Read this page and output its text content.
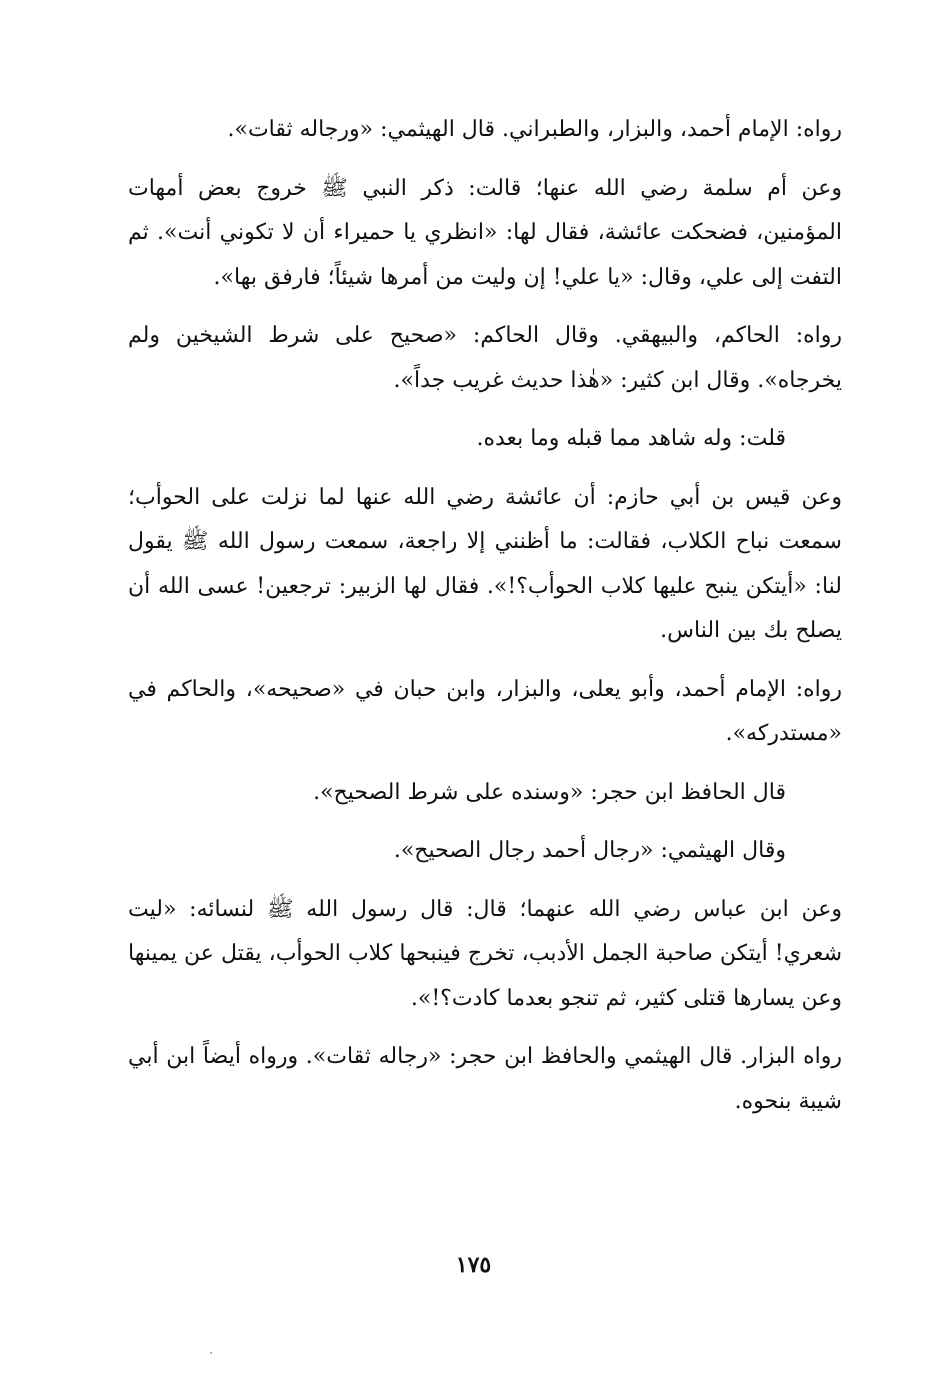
رواه: الإمام أحمد، والبزار، والطبراني. قال الهيثمي: «ورجاله ثقات».

وعن أم سلمة رضي الله عنها؛ قالت: ذكر النبي ﷺ خروج بعض أمهات المؤمنين، فضحكت عائشة، فقال لها: «انظري يا حميراء أن لا تكوني أنت». ثم التفت إلى علي، وقال: «يا علي! إن وليت من أمرها شيئاً؛ فارفق بها».

رواه: الحاكم، والبيهقي. وقال الحاكم: «صحيح على شرط الشيخين ولم يخرجاه». وقال ابن كثير: «هٰذا حديث غريب جداً».

قلت: وله شاهد مما قبله وما بعده.

وعن قيس بن أبي حازم: أن عائشة رضي الله عنها لما نزلت على الحوأب؛ سمعت نباح الكلاب، فقالت: ما أظنني إلا راجعة، سمعت رسول الله ﷺ يقول لنا: «أيتكن ينبح عليها كلاب الحوأب؟!». فقال لها الزبير: ترجعين! عسى الله أن يصلح بك بين الناس.

رواه: الإمام أحمد، وأبو يعلى، والبزار، وابن حبان في «صحيحه»، والحاكم في «مستدركه».

قال الحافظ ابن حجر: «وسنده على شرط الصحيح».

وقال الهيثمي: «رجال أحمد رجال الصحيح».

وعن ابن عباس رضي الله عنهما؛ قال: قال رسول الله ﷺ لنسائه: «ليت شعري! أيتكن صاحبة الجمل الأدبب، تخرج فينبحها كلاب الحوأب، يقتل عن يمينها وعن يسارها قتلى كثير، ثم تنجو بعدما كادت؟!».

رواه البزار. قال الهيثمي والحافظ ابن حجر: «رجاله ثقات». ورواه أيضاً ابن أبي شيبة بنحوه.

١٧٥
